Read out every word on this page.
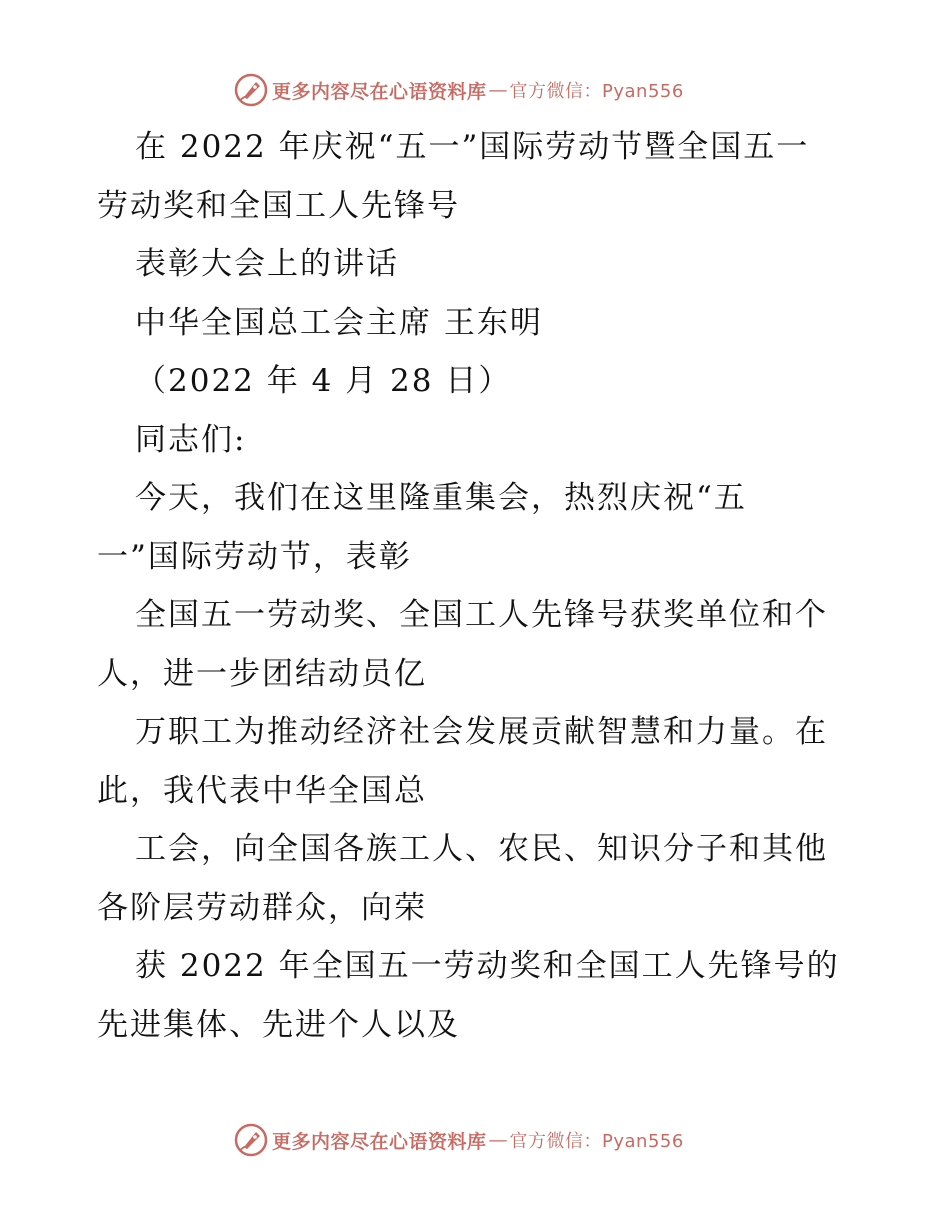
更多内容尽在心语资料库 — 官方微信：Pyan556
在 2022 年庆祝“五一”国际劳动节暨全国五一
劳动奖和全国工人先锋号
表彰大会上的讲话
中华全国总工会主席 王东明
（2022 年 4 月 28 日）
同志们:
今天，我们在这里隆重集会，热烈庆祝“五
一”国际劳动节，表彰
全国五一劳动奖、全国工人先锋号获奖单位和个
人，进一步团结动员亿
万职工为推动经济社会发展贡献智慧和力量。在
此，我代表中华全国总
工会，向全国各族工人、农民、知识分子和其他
各阶层劳动群众，向荣
获 2022 年全国五一劳动奖和全国工人先锋号的
先进集体、先进个人以及
更多内容尽在心语资料库 — 官方微信：Pyan556
